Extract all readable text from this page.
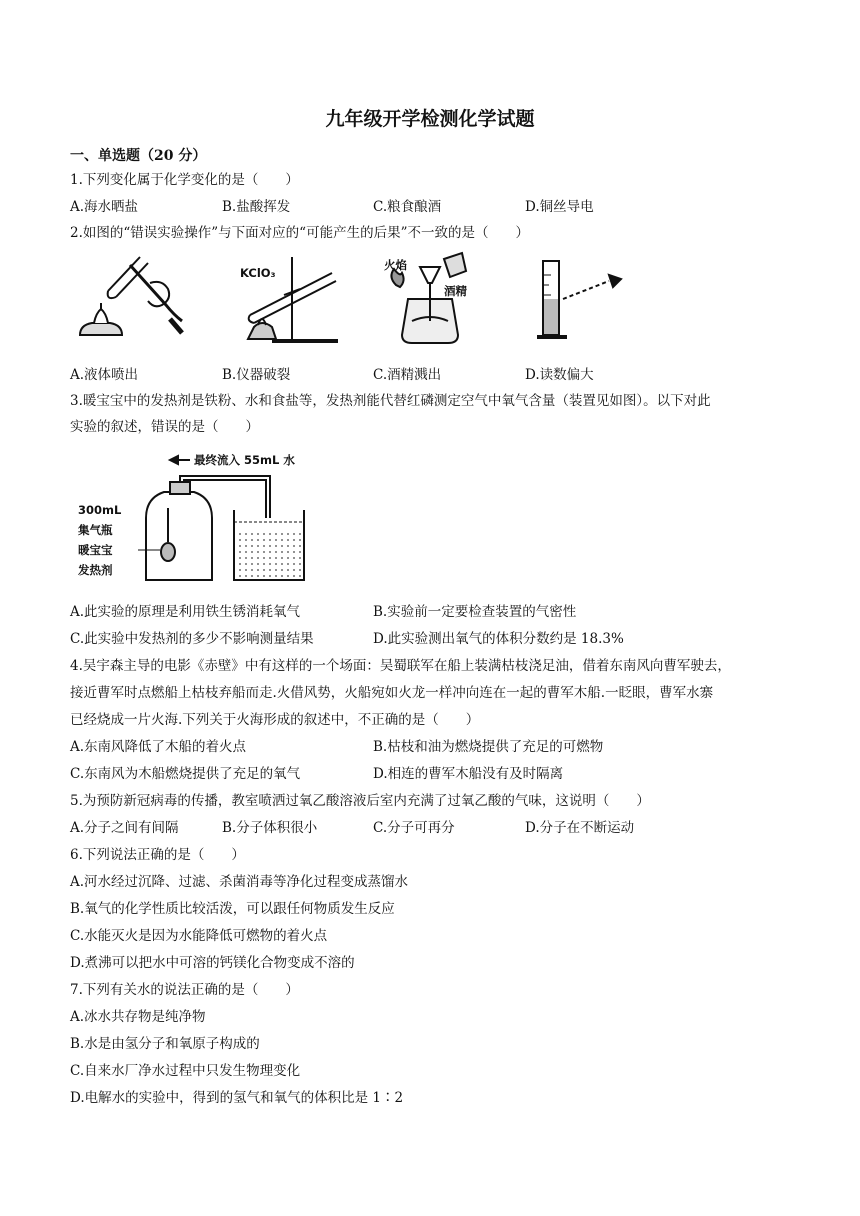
九年级开学检测化学试题
一、单选题（20 分）
1.下列变化属于化学变化的是（　　）
A.海水晒盐	B.盐酸挥发	C.粮食酿酒	D.铜丝导电
2.如图的“错误实验操作”与下面对应的“可能产生的后果”不一致的是（　　）
KClO₃
火焰
酒精
A.液体喷出	B.仪器破裂	C.酒精溅出	D.读数偏大
3.暖宝宝中的发热剂是铁粉、水和食盐等，发热剂能代替红磷测定空气中氧气含量（装置见如图）。以下对此
实验的叙述，错误的是（　　）
最终流入 55mL 水
300mL
集气瓶
暖宝宝
发热剂
A.此实验的原理是利用铁生锈消耗氧气	B.实验前一定要检查装置的气密性
C.此实验中发热剂的多少不影响测量结果	D.此实验测出氧气的体积分数约是 18.3%
4.吴宇森主导的电影《赤壁》中有这样的一个场面：吴蜀联军在船上装满枯枝浇足油，借着东南风向曹军驶去，
接近曹军时点燃船上枯枝弃船而走.火借风势，火船宛如火龙一样冲向连在一起的曹军木船.一眨眼，曹军水寨
已经烧成一片火海.下列关于火海形成的叙述中，不正确的是（　　）
A.东南风降低了木船的着火点	B.枯枝和油为燃烧提供了充足的可燃物
C.东南风为木船燃烧提供了充足的氧气	D.相连的曹军木船没有及时隔离
5.为预防新冠病毒的传播，教室喷洒过氧乙酸溶液后室内充满了过氧乙酸的气味，这说明（　　）
A.分子之间有间隔	B.分子体积很小	C.分子可再分	D.分子在不断运动
6.下列说法正确的是（　　）
A.河水经过沉降、过滤、杀菌消毒等净化过程变成蒸馏水
B.氧气的化学性质比较活泼，可以跟任何物质发生反应
C.水能灭火是因为水能降低可燃物的着火点
D.煮沸可以把水中可溶的钙镁化合物变成不溶的
7.下列有关水的说法正确的是（　　）
A.冰水共存物是纯净物
B.水是由氢分子和氧原子构成的
C.自来水厂净水过程中只发生物理变化
D.电解水的实验中，得到的氢气和氧气的体积比是 1∶2
